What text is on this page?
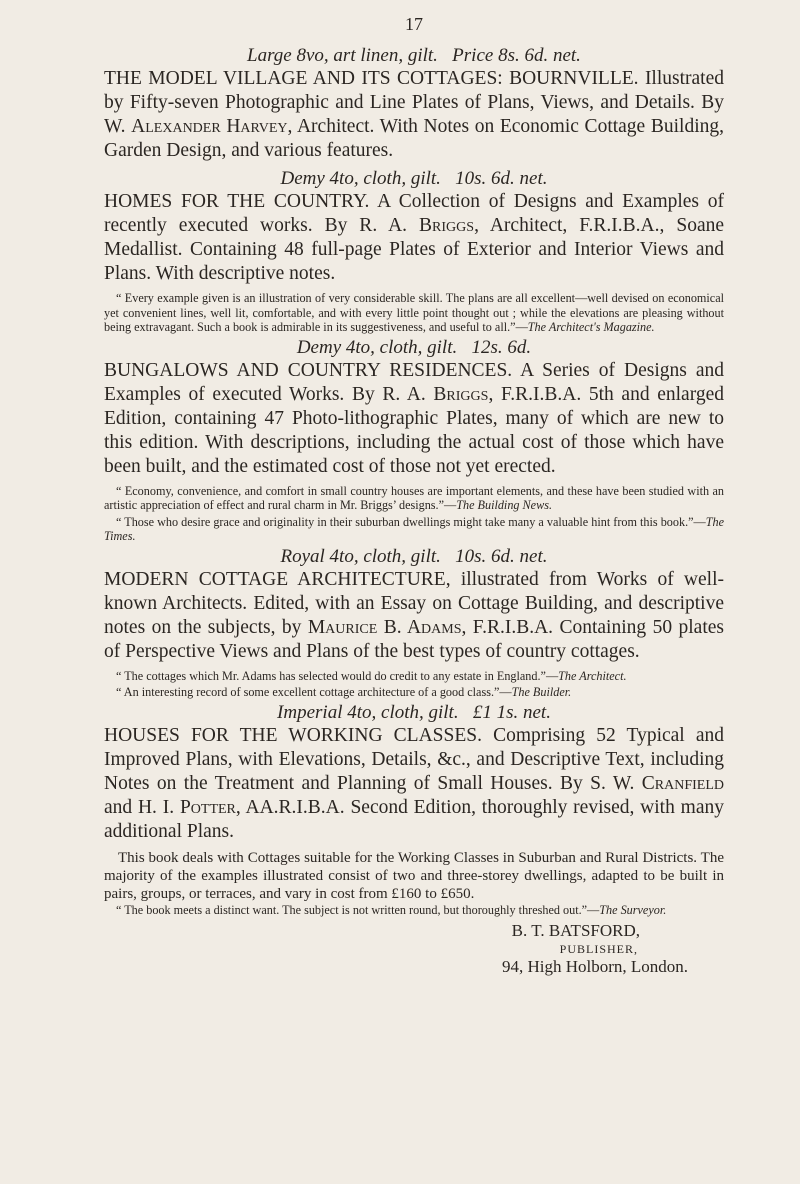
17
Large 8vo, art linen, gilt. Price 8s. 6d. net.

THE MODEL VILLAGE AND ITS COTTAGES: BOURNVILLE. Illustrated by Fifty-seven Photographic and Line Plates of Plans, Views, and Details. By W. Alexander Harvey, Architect. With Notes on Economic Cottage Building, Garden Design, and various features.

Demy 4to, cloth, gilt. 10s. 6d. net.

HOMES FOR THE COUNTRY. A Collection of Designs and Examples of recently executed works. By R. A. Briggs, Architect, F.R.I.B.A., Soane Medallist. Containing 48 full-page Plates of Exterior and Interior Views and Plans. With descriptive notes.

“ Every example given is an illustration of very considerable skill. The plans are all excellent—well devised on economical yet convenient lines, well lit, comfortable, and with every little point thought out ; while the elevations are pleasing without being extravagant. Such a book is admirable in its suggestiveness, and useful to all.”—The Architect's Magazine.

Demy 4to, cloth, gilt. 12s. 6d.

BUNGALOWS AND COUNTRY RESIDENCES. A Series of Designs and Examples of executed Works. By R. A. Briggs, F.R.I.B.A. 5th and enlarged Edition, containing 47 Photo-lithographic Plates, many of which are new to this edition. With descriptions, including the actual cost of those which have been built, and the estimated cost of those not yet erected.

“ Economy, convenience, and comfort in small country houses are important elements, and these have been studied with an artistic appreciation of effect and rural charm in Mr. Briggs’ designs.”—The Building News.

“ Those who desire grace and originality in their suburban dwellings might take many a valuable hint from this book.”—The Times.

Royal 4to, cloth, gilt. 10s. 6d. net.

MODERN COTTAGE ARCHITECTURE, illustrated from Works of well-known Architects. Edited, with an Essay on Cottage Building, and descriptive notes on the subjects, by Maurice B. Adams, F.R.I.B.A. Containing 50 plates of Perspective Views and Plans of the best types of country cottages.

“ The cottages which Mr. Adams has selected would do credit to any estate in England.”—The Architect.

“ An interesting record of some excellent cottage architecture of a good class.”—The Builder.

Imperial 4to, cloth, gilt. £1 1s. net.

HOUSES FOR THE WORKING CLASSES. Comprising 52 Typical and Improved Plans, with Elevations, Details, &c., and Descriptive Text, including Notes on the Treatment and Planning of Small Houses. By S. W. Cranfield and H. I. Potter, AA.R.I.B.A. Second Edition, thoroughly revised, with many additional Plans.

This book deals with Cottages suitable for the Working Classes in Suburban and Rural Districts. The majority of the examples illustrated consist of two and three-storey dwellings, adapted to be built in pairs, groups, or terraces, and vary in cost from £160 to £650.

“ The book meets a distinct want. The subject is not written round, but thoroughly threshed out.”—The Surveyor.

B. T. BATSFORD,
PUBLISHER,
94, High Holborn, London.
